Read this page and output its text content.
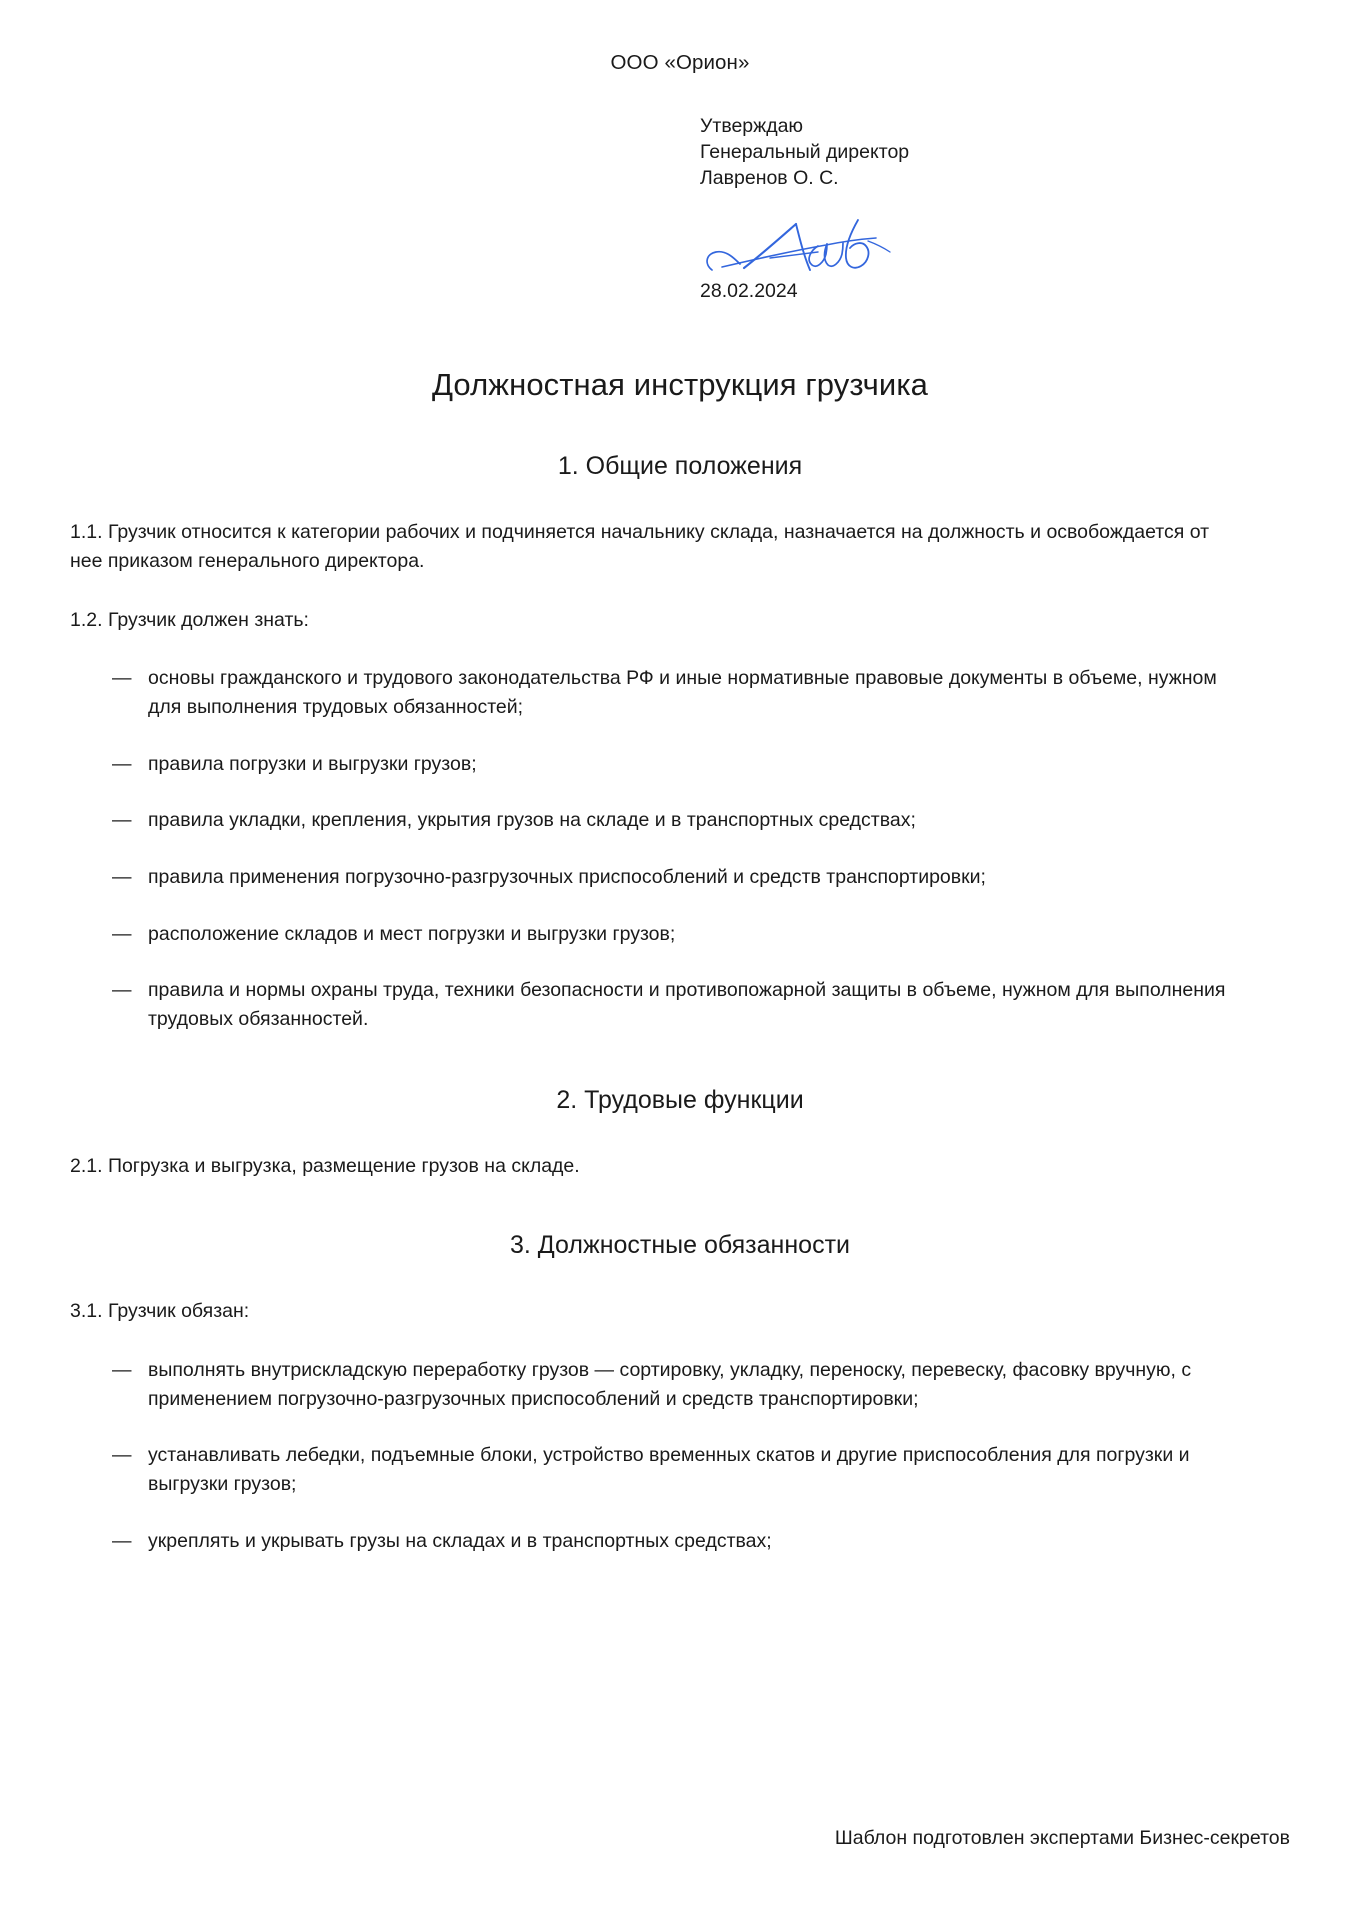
ООО «Орион»
Утверждаю
Генеральный директор
Лавренов О. С.
28.02.2024
Должностная инструкция грузчика
1. Общие положения

1.1. Грузчик относится к категории рабочих и подчиняется начальнику склада, назначается на должность и освобождается от нее приказом генерального директора.

1.2. Грузчик должен знать:

— основы гражданского и трудового законодательства РФ и иные нормативные правовые документы в объеме, нужном для выполнения трудовых обязанностей;
— правила погрузки и выгрузки грузов;
— правила укладки, крепления, укрытия грузов на складе и в транспортных средствах;
— правила применения погрузочно-разгрузочных приспособлений и средств транспортировки;
— расположение складов и мест погрузки и выгрузки грузов;
— правила и нормы охраны труда, техники безопасности и противопожарной защиты в объеме, нужном для выполнения трудовых обязанностей.
2. Трудовые функции

2.1. Погрузка и выгрузка, размещение грузов на складе.

3. Должностные обязанности

3.1. Грузчик обязан:

— выполнять внутрискладскую переработку грузов — сортировку, укладку, переноску, перевеску, фасовку вручную, с применением погрузочно-разгрузочных приспособлений и средств транспортировки;
— устанавливать лебедки, подъемные блоки, устройство временных скатов и другие приспособления для погрузки и выгрузки грузов;
— укреплять и укрывать грузы на складах и в транспортных средствах;
Шаблон подготовлен экспертами Бизнес-секретов
